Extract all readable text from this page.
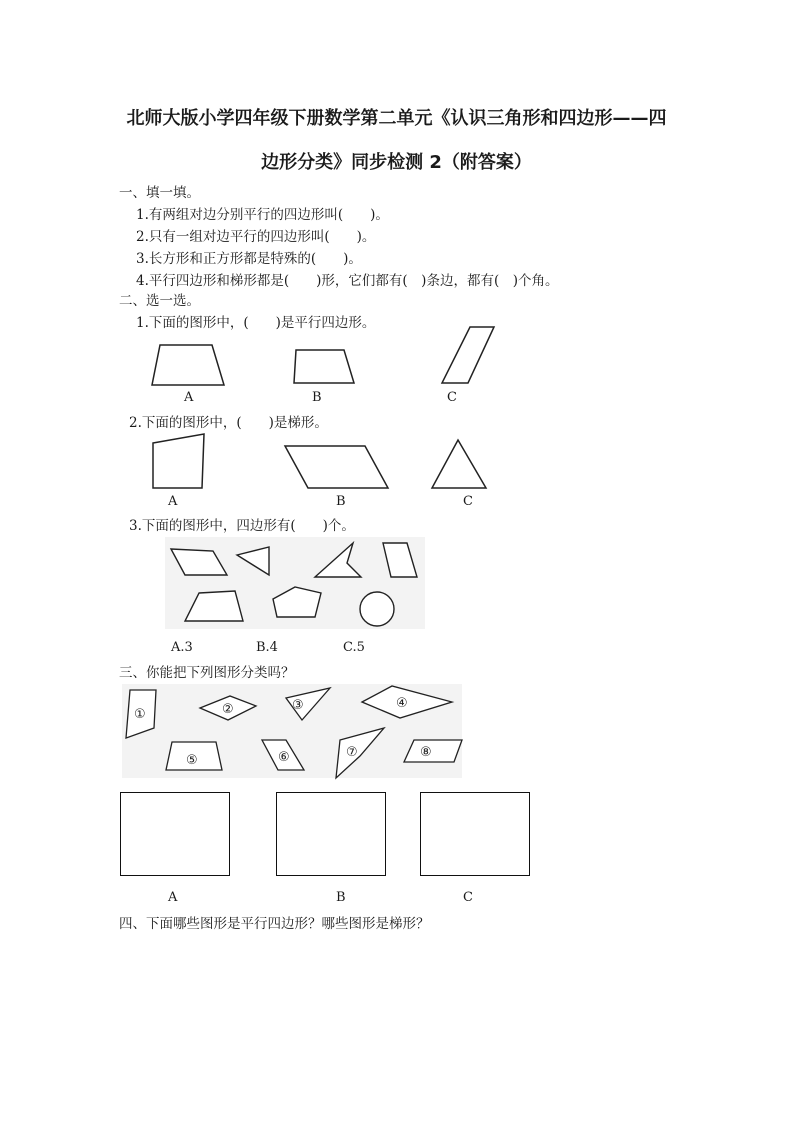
北师大版小学四年级下册数学第二单元《认识三角形和四边形——四
边形分类》同步检测 2（附答案）
一、填一填。
1.有两组对边分别平行的四边形叫(　　)。
2.只有一组对边平行的四边形叫(　　)。
3.长方形和正方形都是特殊的(　　)。
4.平行四边形和梯形都是(　　)形，它们都有(　)条边，都有(　)个角。
二、选一选。
1.下面的图形中，(　　)是平行四边形。
A	B	C
2.下面的图形中，(　　)是梯形。
A	B	C
3.下面的图形中，四边形有(　　)个。
A.3	B.4	C.5
三、你能把下列图形分类吗？
①	②	③	④
⑤	⑥	⑦	⑧
A	B	C
四、下面哪些图形是平行四边形？哪些图形是梯形？
